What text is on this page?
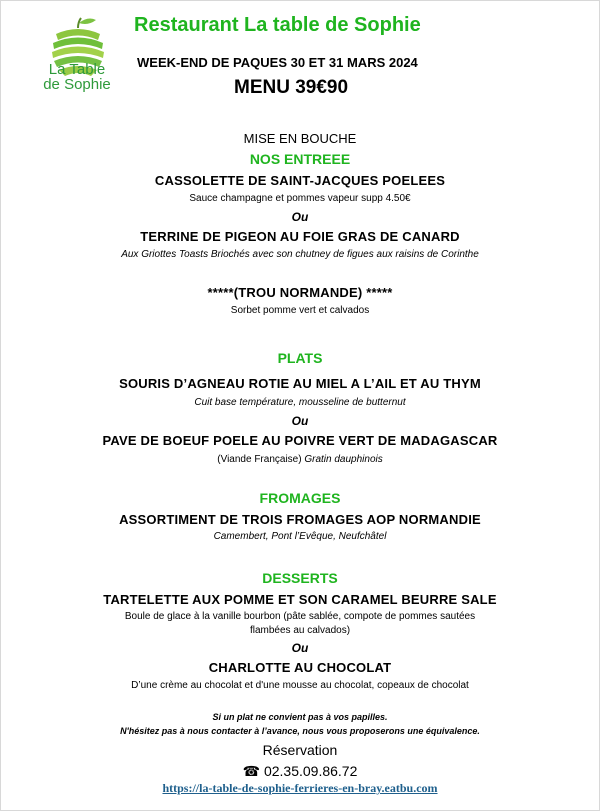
La Table
de Sophie
Restaurant La table de Sophie
WEEK-END DE PAQUES 30 ET 31 MARS 2024
MENU 39€90
MISE EN BOUCHE
NOS ENTREEE
CASSOLETTE DE SAINT-JACQUES POELEES
Sauce champagne et pommes vapeur supp 4.50€
Ou
TERRINE DE PIGEON AU FOIE GRAS DE CANARD
Aux Griottes Toasts Briochés avec son chutney de figues aux raisins de Corinthe
*****(TROU NORMANDE) *****
Sorbet pomme vert et calvados
PLATS
SOURIS D’AGNEAU ROTIE AU MIEL A L’AIL ET AU THYM
Cuit base température, mousseline de butternut
Ou
PAVE DE BOEUF POELE AU POIVRE VERT DE MADAGASCAR
(Viande Française) Gratin dauphinois
FROMAGES
ASSORTIMENT DE TROIS FROMAGES AOP NORMANDIE
Camembert, Pont l’Evêque, Neufchâtel
DESSERTS
TARTELETTE AUX POMME ET SON CARAMEL BEURRE SALE
Boule de glace à la vanille bourbon (pâte sablée, compote de pommes sautées
flambées au calvados)
Ou
CHARLOTTE AU CHOCOLAT
D’une crème au chocolat et d'une mousse au chocolat, copeaux de chocolat
Si un plat ne convient pas à vos papilles.
N'hésitez pas à nous contacter à l’avance, nous vous proposerons une équivalence.
Réservation
☎ 02.35.09.86.72
https://la-table-de-sophie-ferrieres-en-bray.eatbu.com
